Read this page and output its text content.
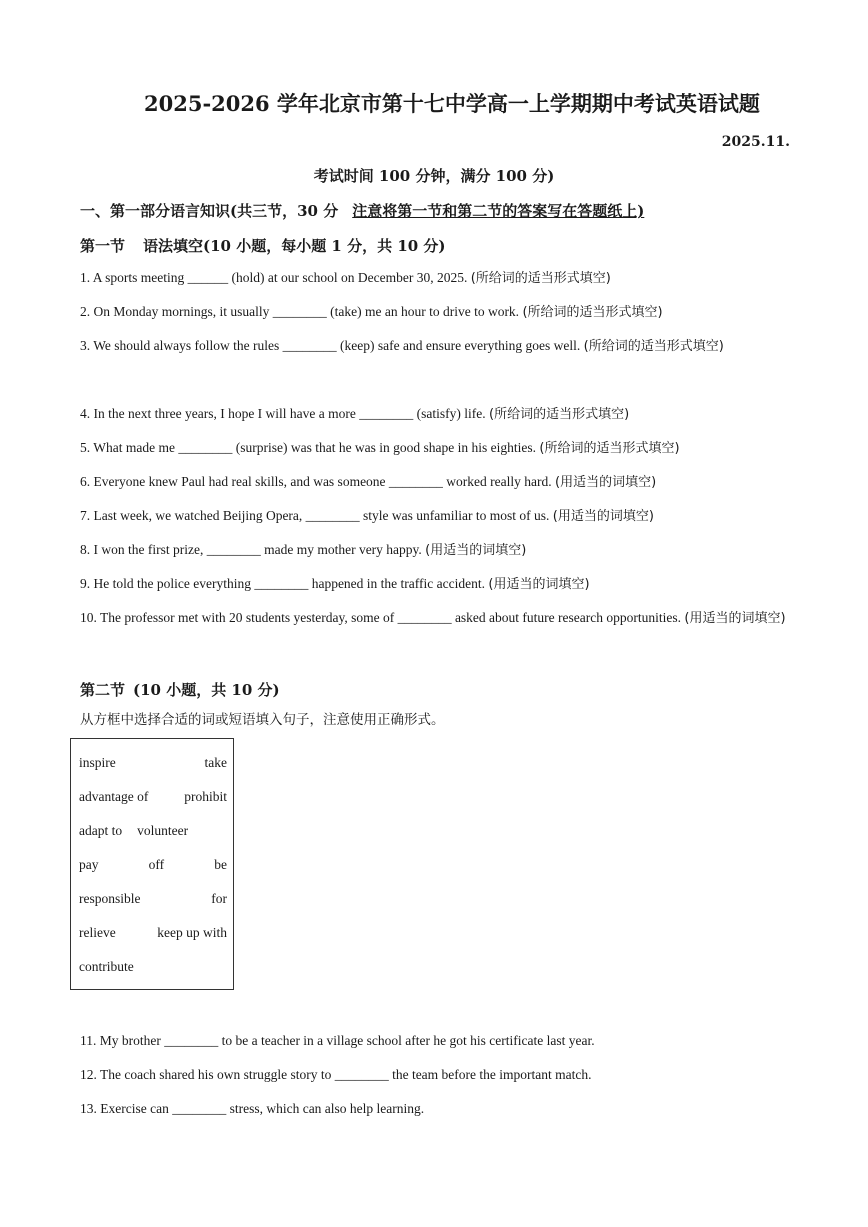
2025-2026 学年北京市第十七中学高一上学期期中考试英语试题
2025.11.
考试时间 100 分钟，满分 100 分)
一、第一部分语言知识(共三节，30 分 注意将第一节和第二节的答案写在答题纸上)
第一节 语法填空(10 小题，每小题 1 分，共 10 分)
1. A sports meeting ______ (hold) at our school on December 30, 2025. (所给词的适当形式填空)
2. On Monday mornings, it usually ________ (take) me an hour to drive to work. (所给词的适当形式填空)
3. We should always follow the rules ________ (keep) safe and ensure everything goes well. (所给词的适当形式填空)
4. In the next three years, I hope I will have a more ________ (satisfy) life. (所给词的适当形式填空)
5. What made me ________ (surprise) was that he was in good shape in his eighties. (所给词的适当形式填空)
6. Everyone knew Paul had real skills, and was someone ________ worked really hard. (用适当的词填空)
7. Last week, we watched Beijing Opera, ________ style was unfamiliar to most of us. (用适当的词填空)
8. I won the first prize, ________ made my mother very happy. (用适当的词填空)
9. He told the police everything ________ happened in the traffic accident. (用适当的词填空)
10. The professor met with 20 students yesterday, some of ________ asked about future research opportunities. (用适当的词填空)
第二节 (10 小题，共 10 分)
从方框中选择合适的词或短语填入句子，注意使用正确形式。
inspire	take
advantage of	prohibit
adapt to volunteer
pay	off	be
responsible	for
relieve	keep up with
contribute
11. My brother ________ to be a teacher in a village school after he got his certificate last year.
12. The coach shared his own struggle story to ________ the team before the important match.
13. Exercise can ________ stress, which can also help learning.
